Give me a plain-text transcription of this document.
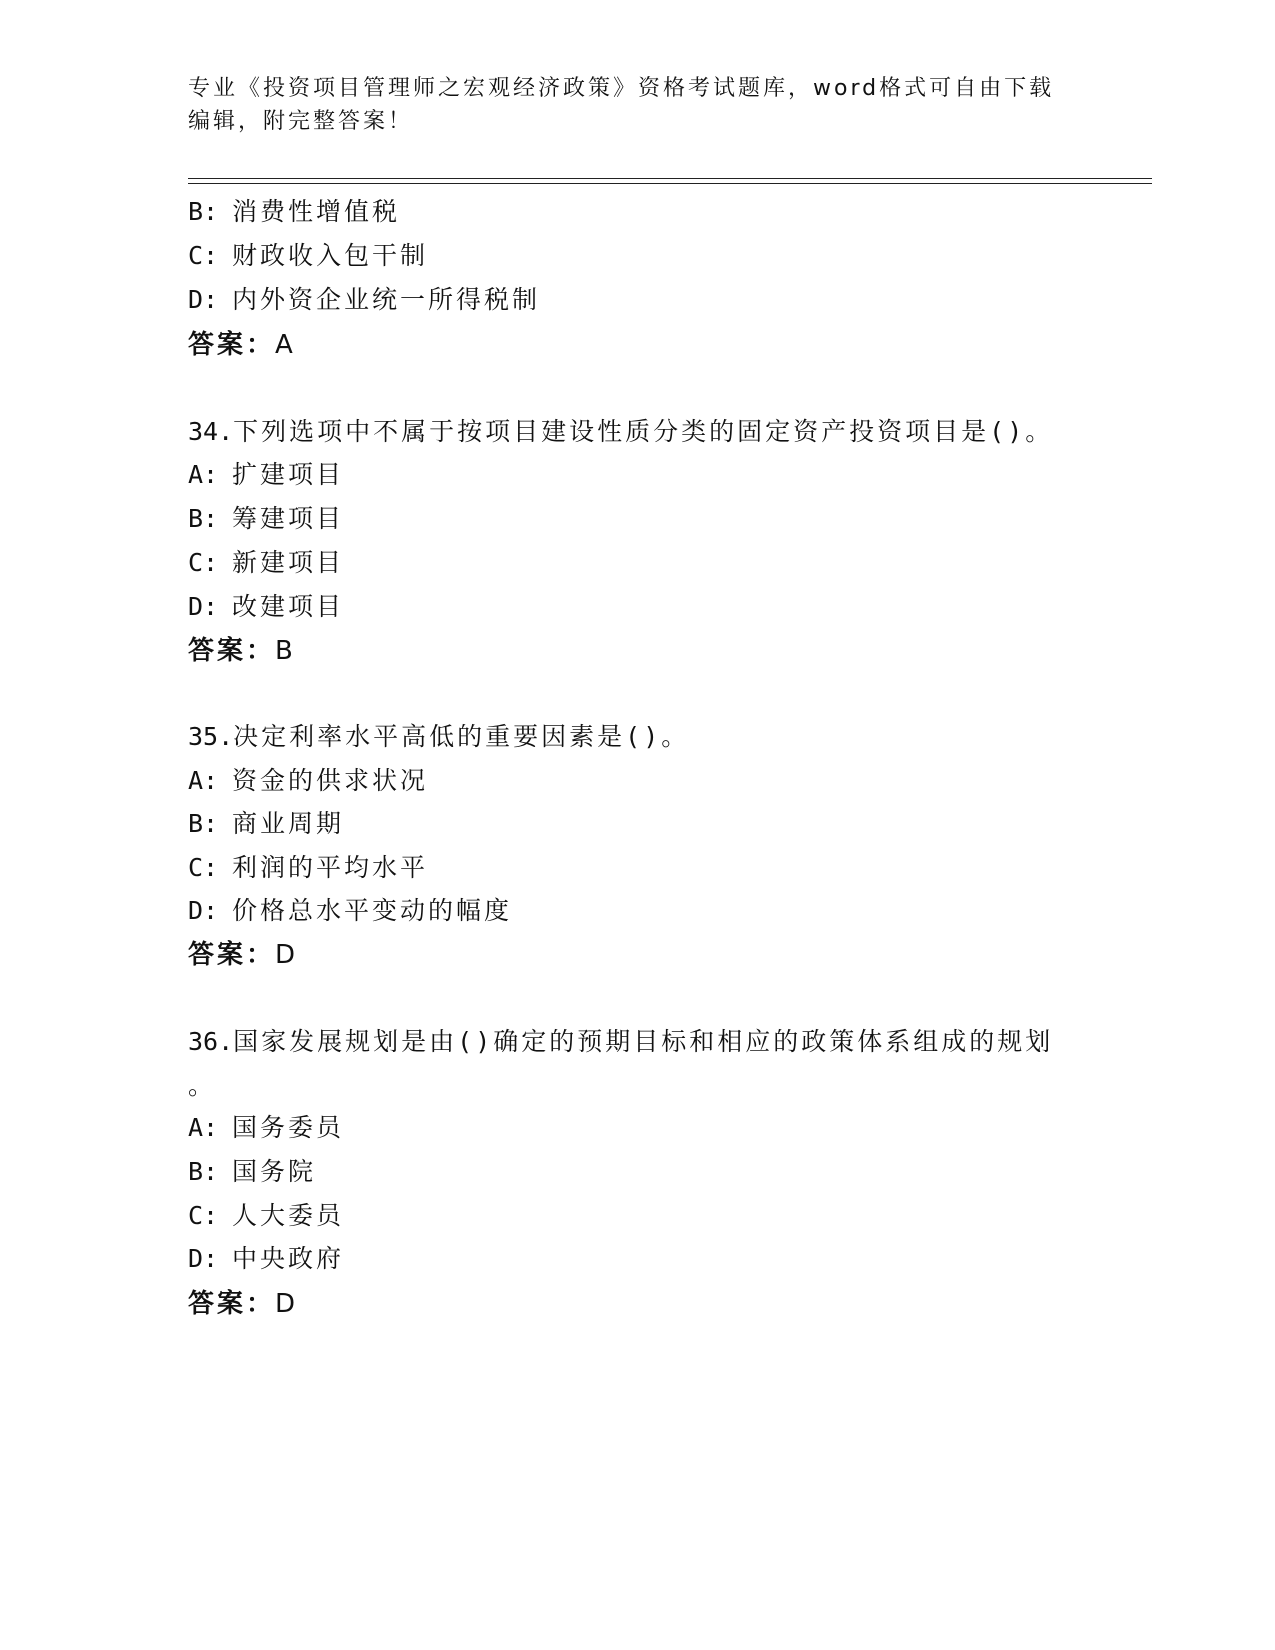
专业《投资项目管理师之宏观经济政策》资格考试题库，word格式可自由下载编辑，附完整答案！
B: 消费性增值税
C: 财政收入包干制
D: 内外资企业统一所得税制
答案：A
34.下列选项中不属于按项目建设性质分类的固定资产投资项目是()。
A: 扩建项目
B: 筹建项目
C: 新建项目
D: 改建项目
答案：B
35.决定利率水平高低的重要因素是()。
A: 资金的供求状况
B: 商业周期
C: 利润的平均水平
D: 价格总水平变动的幅度
答案：D
36.国家发展规划是由()确定的预期目标和相应的政策体系组成的规划
。
A: 国务委员
B: 国务院
C: 人大委员
D: 中央政府
答案：D
